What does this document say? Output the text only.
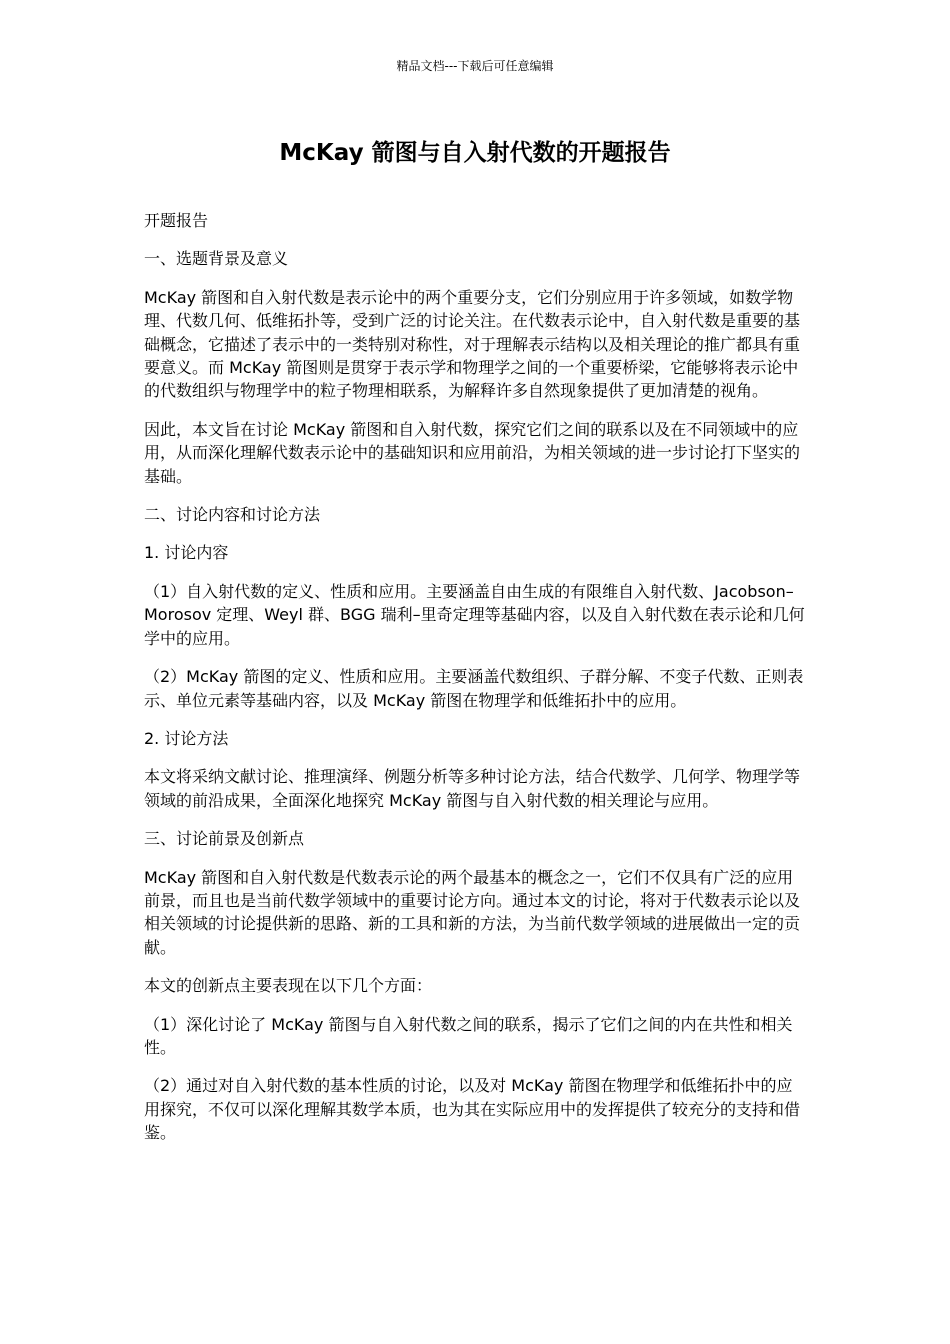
精品文档---下载后可任意编辑
McKay 箭图与自入射代数的开题报告

开题报告

一、选题背景及意义

McKay 箭图和自入射代数是表示论中的两个重要分支，它们分别应用于许多领域，如数学物理、代数几何、低维拓扑等，受到广泛的讨论关注。在代数表示论中，自入射代数是重要的基础概念，它描述了表示中的一类特别对称性，对于理解表示结构以及相关理论的推广都具有重要意义。而 McKay 箭图则是贯穿于表示学和物理学之间的一个重要桥梁，它能够将表示论中的代数组织与物理学中的粒子物理相联系，为解释许多自然现象提供了更加清楚的视角。

因此，本文旨在讨论 McKay 箭图和自入射代数，探究它们之间的联系以及在不同领域中的应用，从而深化理解代数表示论中的基础知识和应用前沿，为相关领域的进一步讨论打下坚实的基础。

二、讨论内容和讨论方法

1. 讨论内容

（1）自入射代数的定义、性质和应用。主要涵盖自由生成的有限维自入射代数、Jacobson–Morosov 定理、Weyl 群、BGG 瑞利–里奇定理等基础内容，以及自入射代数在表示论和几何学中的应用。

（2）McKay 箭图的定义、性质和应用。主要涵盖代数组织、子群分解、不变子代数、正则表示、单位元素等基础内容，以及 McKay 箭图在物理学和低维拓扑中的应用。

2. 讨论方法

本文将采纳文献讨论、推理演绎、例题分析等多种讨论方法，结合代数学、几何学、物理学等领域的前沿成果，全面深化地探究 McKay 箭图与自入射代数的相关理论与应用。

三、讨论前景及创新点

McKay 箭图和自入射代数是代数表示论的两个最基本的概念之一，它们不仅具有广泛的应用前景，而且也是当前代数学领域中的重要讨论方向。通过本文的讨论，将对于代数表示论以及相关领域的讨论提供新的思路、新的工具和新的方法，为当前代数学领域的进展做出一定的贡献。

本文的创新点主要表现在以下几个方面：

（1）深化讨论了 McKay 箭图与自入射代数之间的联系，揭示了它们之间的内在共性和相关性。

（2）通过对自入射代数的基本性质的讨论，以及对 McKay 箭图在物理学和低维拓扑中的应用探究，不仅可以深化理解其数学本质，也为其在实际应用中的发挥提供了较充分的支持和借鉴。
